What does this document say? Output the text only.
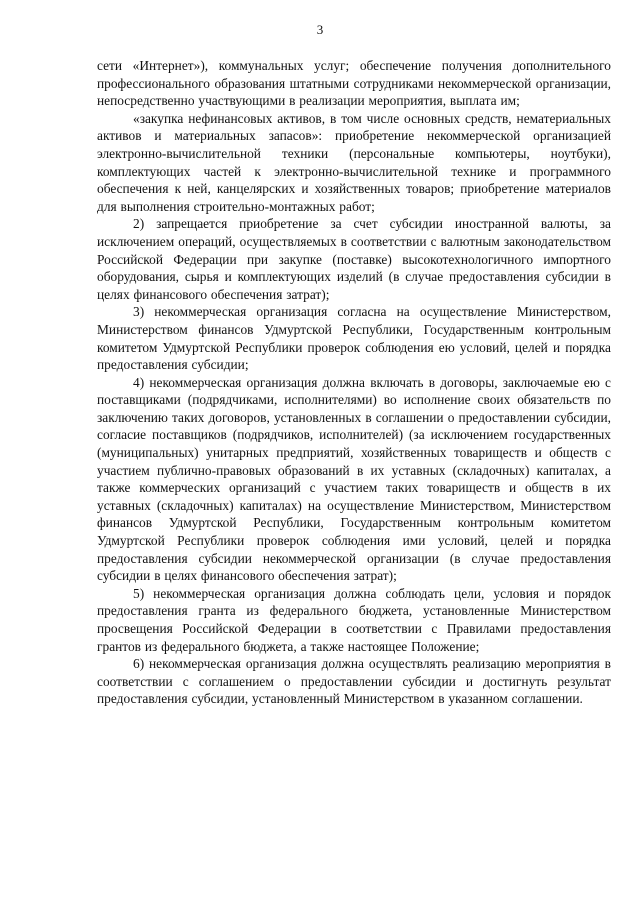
3

сети «Интернет»), коммунальных услуг; обеспечение получения дополнительного профессионального образования штатными сотрудниками некоммерческой организации, непосредственно участвующими в реализации мероприятия, выплата им;

«закупка нефинансовых активов, в том числе основных средств, нематериальных активов и материальных запасов»: приобретение некоммерческой организацией электронно-вычислительной техники (персональные компьютеры, ноутбуки), комплектующих частей к электронно-вычислительной технике и программного обеспечения к ней, канцелярских и хозяйственных товаров; приобретение материалов для выполнения строительно-монтажных работ;

2) запрещается приобретение за счет субсидии иностранной валюты, за исключением операций, осуществляемых в соответствии с валютным законодательством Российской Федерации при закупке (поставке) высокотехнологичного импортного оборудования, сырья и комплектующих изделий (в случае предоставления субсидии в целях финансового обеспечения затрат);

3) некоммерческая организация согласна на осуществление Министерством, Министерством финансов Удмуртской Республики, Государственным контрольным комитетом Удмуртской Республики проверок соблюдения ею условий, целей и порядка предоставления субсидии;

4) некоммерческая организация должна включать в договоры, заключаемые ею с поставщиками (подрядчиками, исполнителями) во исполнение своих обязательств по заключению таких договоров, установленных в соглашении о предоставлении субсидии, согласие поставщиков (подрядчиков, исполнителей) (за исключением государственных (муниципальных) унитарных предприятий, хозяйственных товариществ и обществ с участием публично-правовых образований в их уставных (складочных) капиталах, а также коммерческих организаций с участием таких товариществ и обществ в их уставных (складочных) капиталах) на осуществление Министерством, Министерством финансов Удмуртской Республики, Государственным контрольным комитетом Удмуртской Республики проверок соблюдения ими условий, целей и порядка предоставления субсидии некоммерческой организации (в случае предоставления субсидии в целях финансового обеспечения затрат);

5) некоммерческая организация должна соблюдать цели, условия и порядок предоставления гранта из федерального бюджета, установленные Министерством просвещения Российской Федерации в соответствии с Правилами предоставления грантов из федерального бюджета, а также настоящее Положение;

6) некоммерческая организация должна осуществлять реализацию мероприятия в соответствии с соглашением о предоставлении субсидии и достигнуть результат предоставления субсидии, установленный Министерством в указанном соглашении.
